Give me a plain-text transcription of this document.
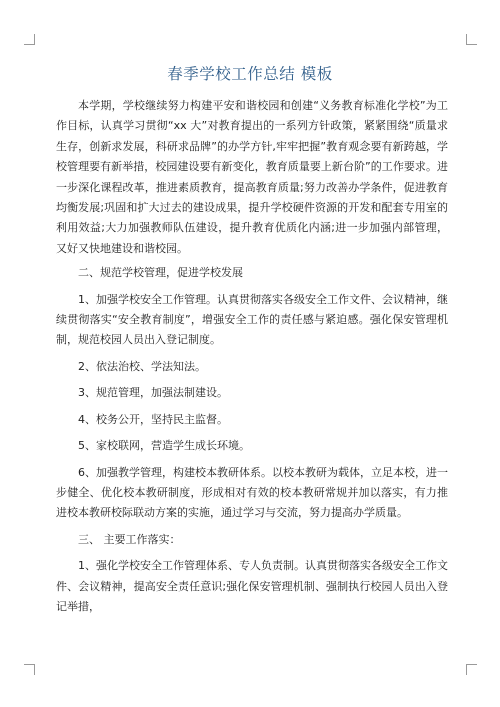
春季学校工作总结 模板

本学期，学校继续努力构建平安和谐校园和创建“义务教育标准化学校”为工作目标，认真学习贯彻“xx 大”对教育提出的一系列方针政策，紧紧围绕“质量求生存，创新求发展，科研求品牌”的办学方针,牢牢把握”教育观念要有新跨越，学校管理要有新举措，校园建设要有新变化，教育质量要上新台阶”的工作要求。进一步深化课程改革，推进素质教育，提高教育质量;努力改善办学条件，促进教育均衡发展;巩固和扩大过去的建设成果，提升学校硬件资源的开发和配套专用室的利用效益;大力加强教师队伍建设，提升教育优质化内涵;进一步加强内部管理，又好又快地建设和谐校园。

二、规范学校管理，促进学校发展

1、加强学校安全工作管理。认真贯彻落实各级安全工作文件、会议精神，继续贯彻落实“安全教育制度”，增强安全工作的责任感与紧迫感。强化保安管理机制，规范校园人员出入登记制度。

2、依法治校、学法知法。

3、规范管理，加强法制建设。

4、校务公开，坚持民主监督。

5、家校联网，营造学生成长环境。

6、加强教学管理，构建校本教研体系。以校本教研为载体，立足本校，进一步健全、优化校本教研制度，形成相对有效的校本教研常规并加以落实，有力推进校本教研校际联动方案的实施，通过学习与交流，努力提高办学质量。

三、 主要工作落实：

1、强化学校安全工作管理体系、专人负责制。认真贯彻落实各级安全工作文件、会议精神，提高安全责任意识;强化保安管理机制、强制执行校园人员出入登记举措，
